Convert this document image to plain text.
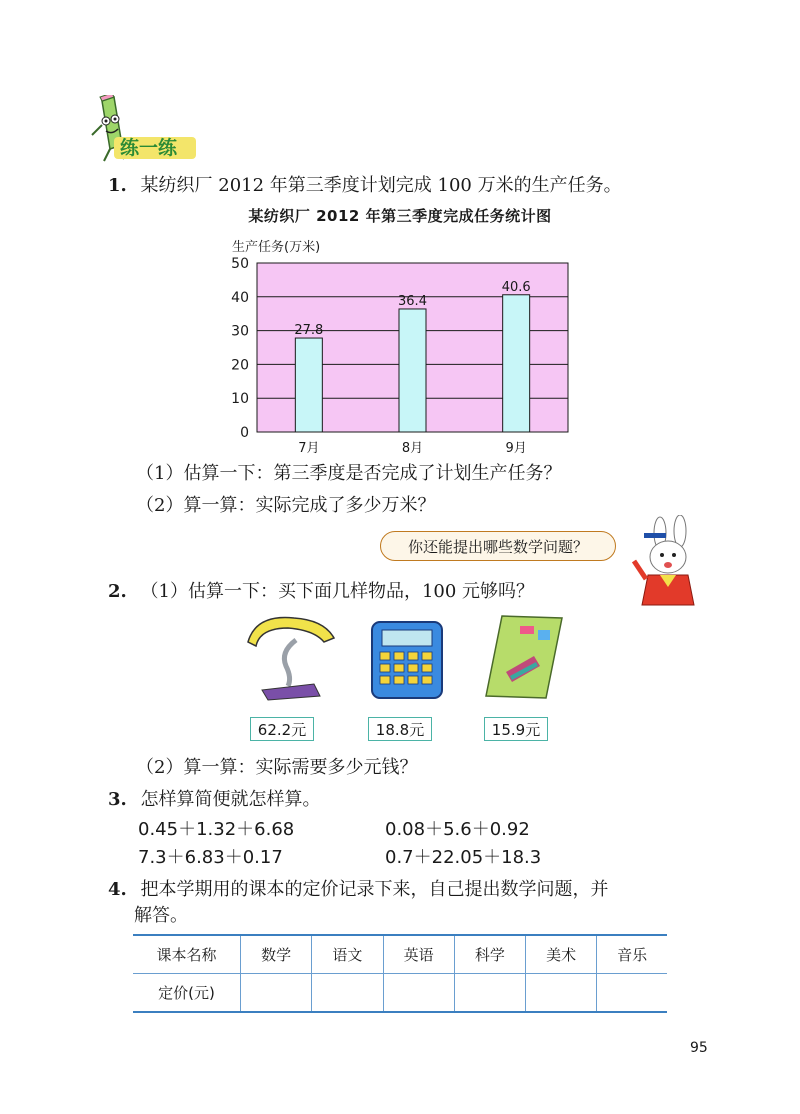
练一练
1. 某纺织厂 2012 年第三季度计划完成 100 万米的生产任务。
某纺织厂 2012 年第三季度完成任务统计图
生产任务(万米)
0
10
20
30
40
50
27.8
7月
36.4
8月
40.6
9月
（1）估算一下：第三季度是否完成了计划生产任务？
（2）算一算：实际完成了多少万米？
你还能提出哪些数学问题？
2. （1）估算一下：买下面几样物品，100 元够吗？
62.2元	18.8元	15.9元
（2）算一算：实际需要多少元钱？
3. 怎样算简便就怎样算。
0.45＋1.32＋6.68	0.08＋5.6＋0.92
7.3＋6.83＋0.17	0.7＋22.05＋18.3
4. 把本学期用的课本的定价记录下来，自己提出数学问题，并
解答。
课本名称	数学	语文	英语	科学	美术	音乐
定价(元)						
95
